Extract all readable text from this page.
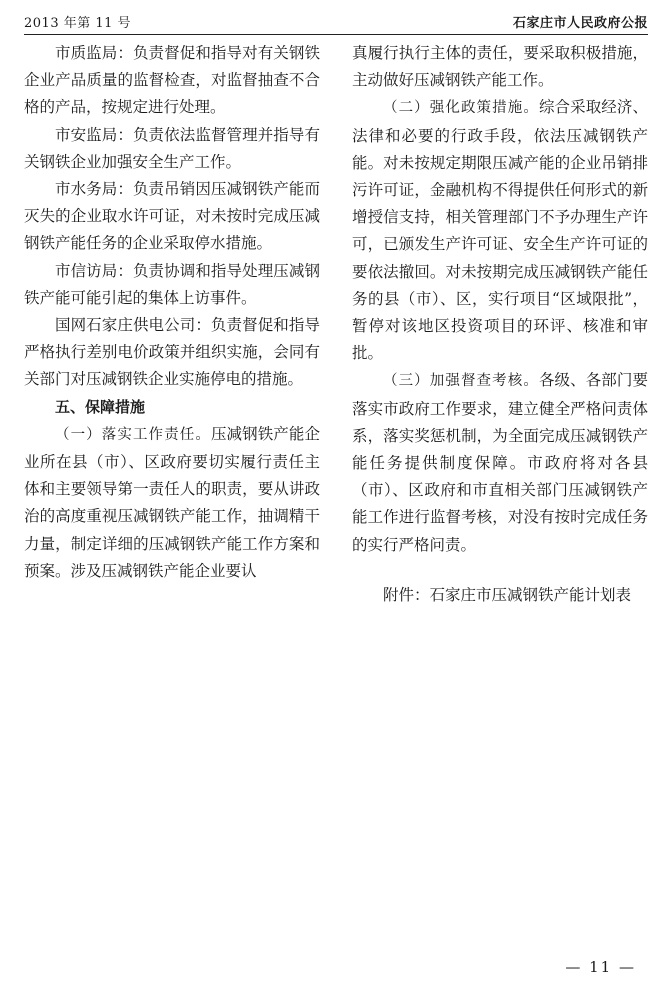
2013 年第 11 号	石家庄市人民政府公报

市质监局：负责督促和指导对有关钢铁企业产品质量的监督检查，对监督抽查不合格的产品，按规定进行处理。

市安监局：负责依法监督管理并指导有关钢铁企业加强安全生产工作。

市水务局：负责吊销因压减钢铁产能而灭失的企业取水许可证，对未按时完成压减钢铁产能任务的企业采取停水措施。

市信访局：负责协调和指导处理压减钢铁产能可能引起的集体上访事件。

国网石家庄供电公司：负责督促和指导严格执行差别电价政策并组织实施，会同有关部门对压减钢铁企业实施停电的措施。

五、保障措施

（一）落实工作责任。压减钢铁产能企业所在县（市）、区政府要切实履行责任主体和主要领导第一责任人的职责，要从讲政治的高度重视压减钢铁产能工作，抽调精干力量，制定详细的压减钢铁产能工作方案和预案。涉及压减钢铁产能企业要认

真履行执行主体的责任，要采取积极措施，主动做好压减钢铁产能工作。

（二）强化政策措施。综合采取经济、法律和必要的行政手段，依法压减钢铁产能。对未按规定期限压减产能的企业吊销排污许可证，金融机构不得提供任何形式的新增授信支持，相关管理部门不予办理生产许可，已颁发生产许可证、安全生产许可证的要依法撤回。对未按期完成压减钢铁产能任务的县（市）、区，实行项目“区域限批”，暂停对该地区投资项目的环评、核准和审批。

（三）加强督查考核。各级、各部门要落实市政府工作要求，建立健全严格问责体系，落实奖惩机制，为全面完成压减钢铁产能任务提供制度保障。市政府将对各县（市）、区政府和市直相关部门压减钢铁产能工作进行监督考核，对没有按时完成任务的实行严格问责。

附件：石家庄市压减钢铁产能计划表
— 11 —
